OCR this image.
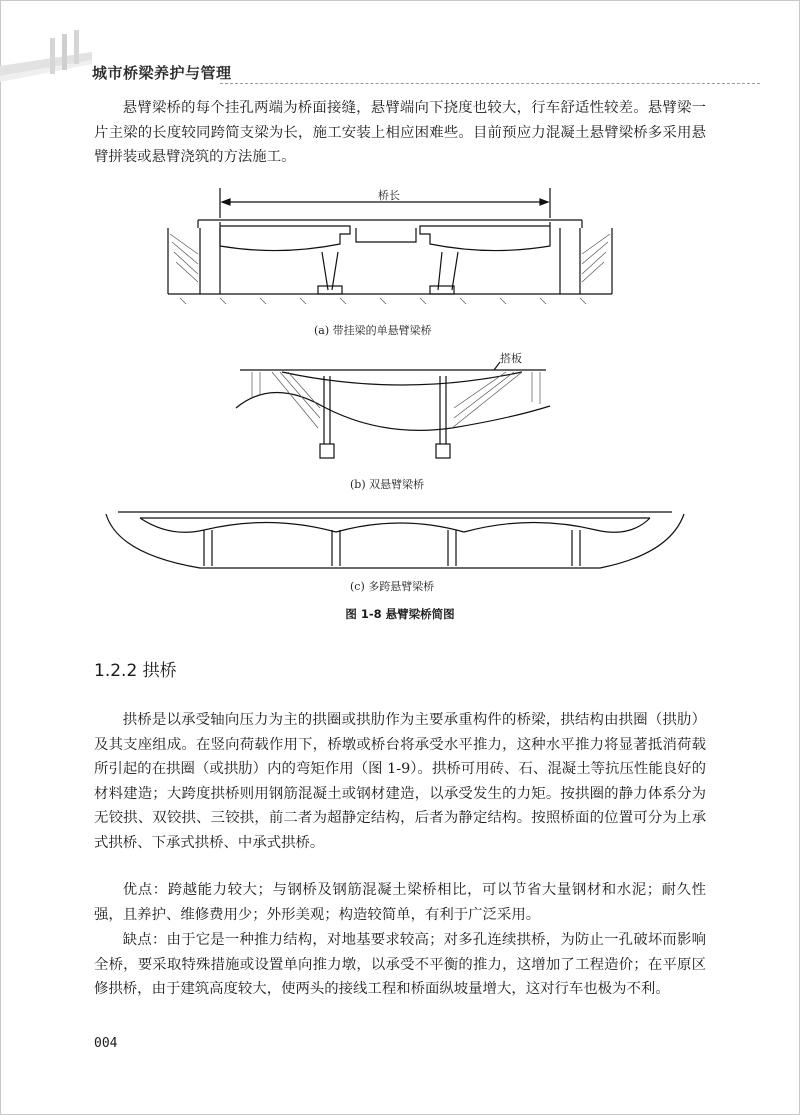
城市桥梁养护与管理

悬臂梁桥的每个挂孔两端为桥面接缝，悬臂端向下挠度也较大，行车舒适性较差。悬臂梁一片主梁的长度较同跨简支梁为长，施工安装上相应困难些。目前预应力混凝土悬臂梁桥多采用悬臂拼装或悬臂浇筑的方法施工。

桥长
(a) 带挂梁的单悬臂梁桥
搭板
(b) 双悬臂梁桥
(c) 多跨悬臂梁桥
图 1-8 悬臂梁桥简图
1.2.2 拱桥

拱桥是以承受轴向压力为主的拱圈或拱肋作为主要承重构件的桥梁，拱结构由拱圈（拱肋）及其支座组成。在竖向荷载作用下，桥墩或桥台将承受水平推力，这种水平推力将显著抵消荷载所引起的在拱圈（或拱肋）内的弯矩作用（图 1-9）。拱桥可用砖、石、混凝土等抗压性能良好的材料建造；大跨度拱桥则用钢筋混凝土或钢材建造，以承受发生的力矩。按拱圈的静力体系分为无铰拱、双铰拱、三铰拱，前二者为超静定结构，后者为静定结构。按照桥面的位置可分为上承式拱桥、下承式拱桥、中承式拱桥。

优点：跨越能力较大；与钢桥及钢筋混凝土梁桥相比，可以节省大量钢材和水泥；耐久性强，且养护、维修费用少；外形美观；构造较简单，有利于广泛采用。

缺点：由于它是一种推力结构，对地基要求较高；对多孔连续拱桥，为防止一孔破坏而影响全桥，要采取特殊措施或设置单向推力墩，以承受不平衡的推力，这增加了工程造价；在平原区修拱桥，由于建筑高度较大，使两头的接线工程和桥面纵坡量增大，这对行车也极为不利。

004
